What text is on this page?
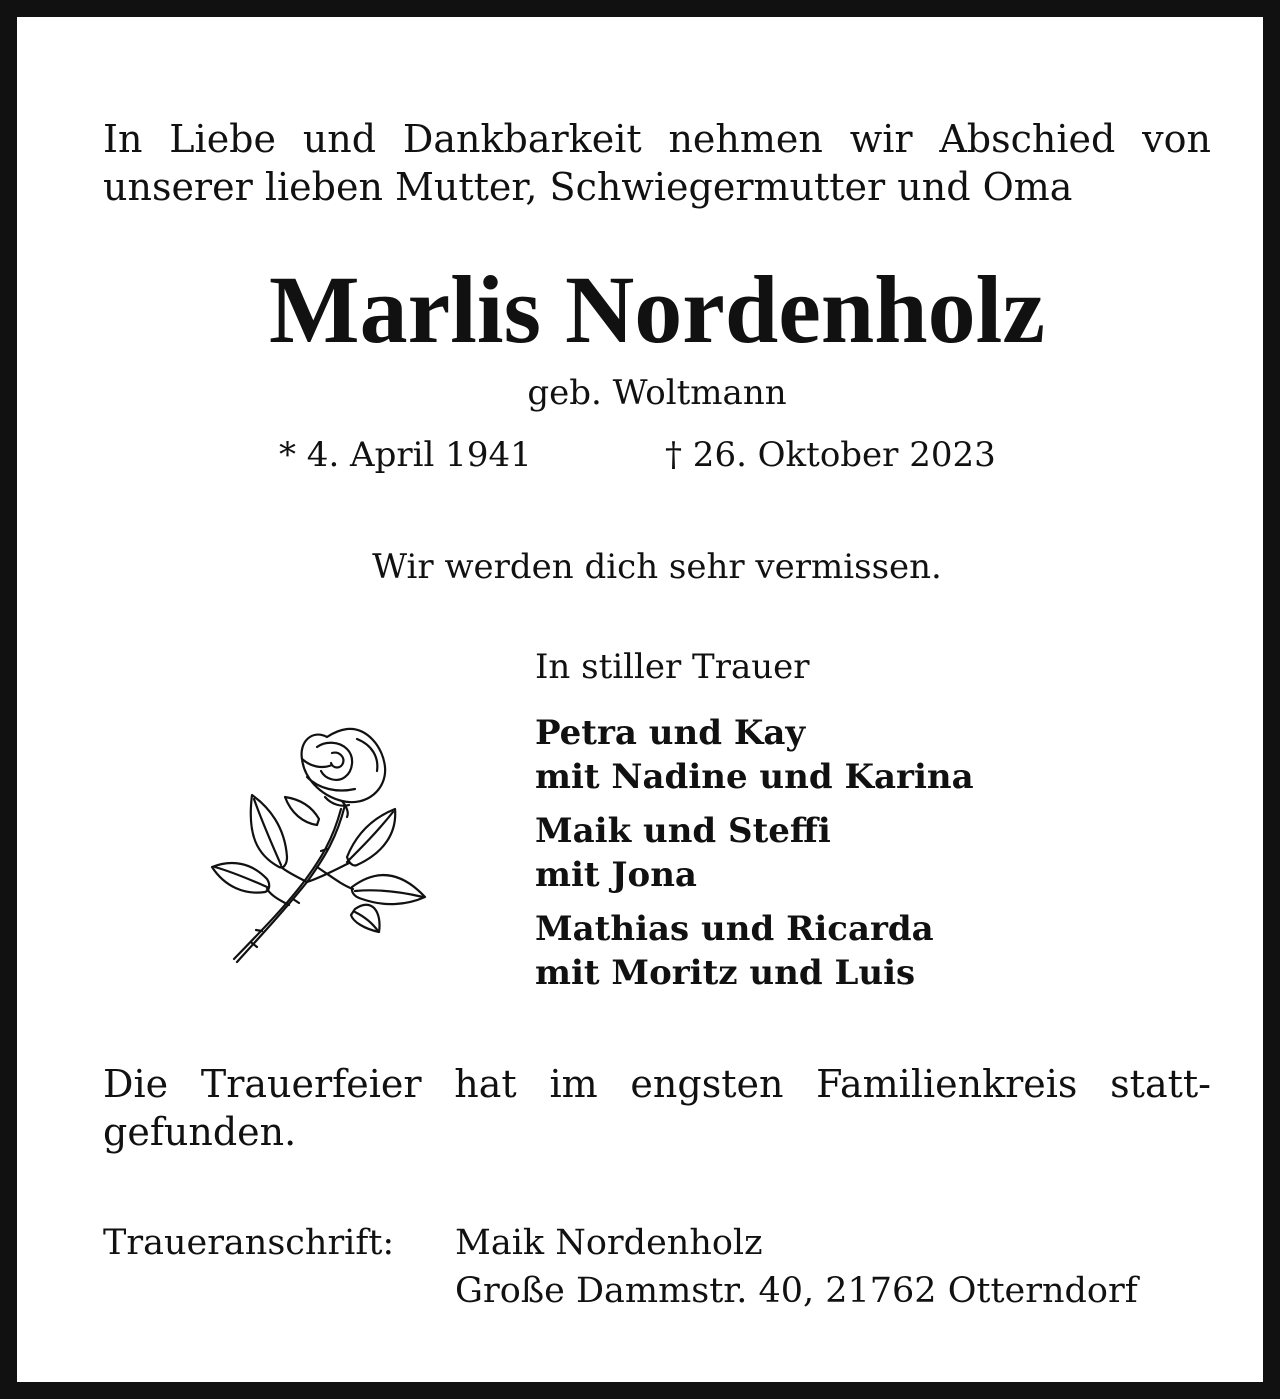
In Liebe und Dankbarkeit nehmen wir Abschied von
unserer lieben Mutter, Schwiegermutter und Oma
Marlis Nordenholz
geb. Woltmann
* 4. April 1941	† 26. Oktober 2023
Wir werden dich sehr vermissen.
In stiller Trauer
Petra und Kay
mit Nadine und Karina
Maik und Steffi
mit Jona
Mathias und Ricarda
mit Moritz und Luis
Die Trauerfeier hat im engsten Familienkreis statt-
gefunden.
Traueranschrift: Maik Nordenholz
Große Dammstr. 40, 21762 Otterndorf
